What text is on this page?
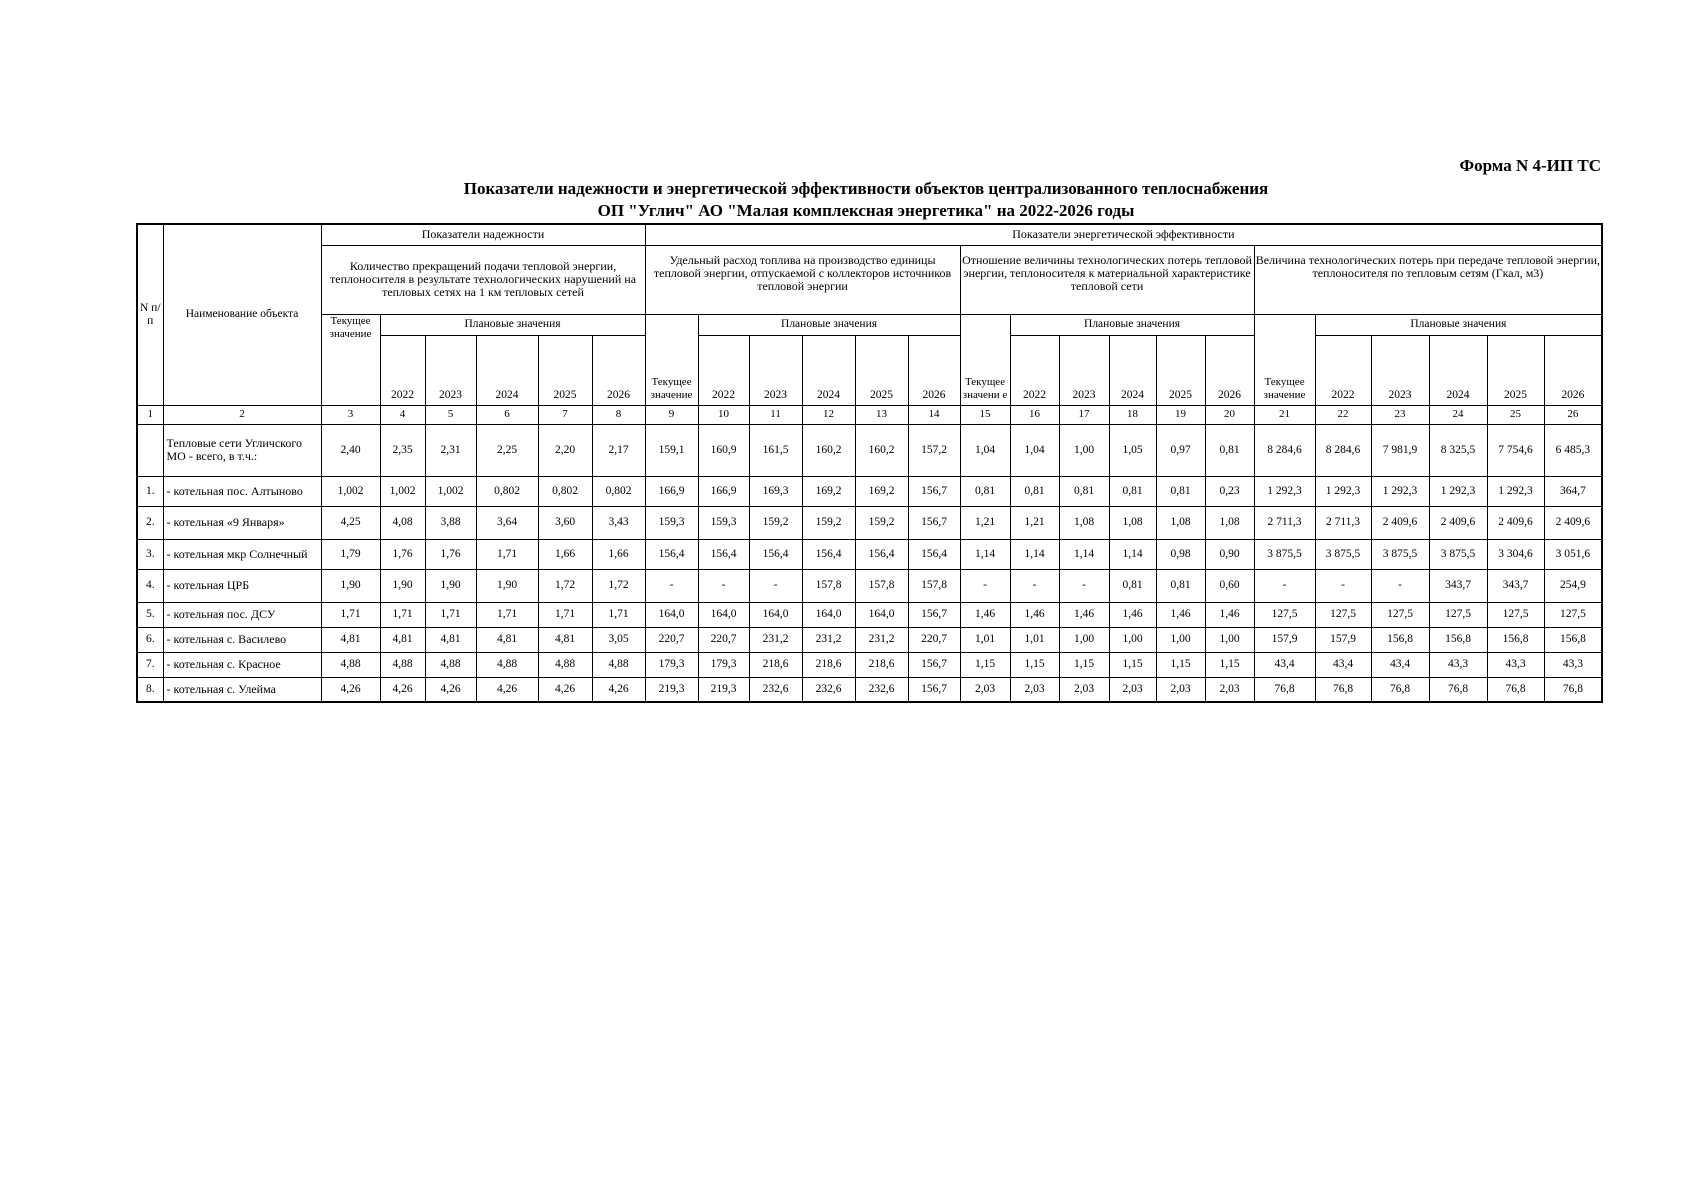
Форма N 4-ИП ТС
Показатели надежности и энергетической эффективности объектов централизованного теплоснабжения
ОП "Углич" АО "Малая комплексная энергетика" на 2022-2026 годы
N п/п	Наименование объекта	Показатели надежности						Показатели энергетической эффективности																	
		Количество прекращений подачи тепловой энергии, теплоносителя в результате технологических нарушений на тепловых сетях на 1 км тепловых сетей						Удельный расход топлива на производство единицы тепловой энергии, отпускаемой с коллекторов источников тепловой энергии						Отношение величины технологических потерь тепловой энергии, теплоносителя к материальной характеристике тепловой сети						Величина технологических потерь при передаче тепловой энергии, теплоносителя по тепловым сетям (Гкал, м3)					
		Текущее значение	Плановые значения					Текущее значение	Плановые значения					Текущее значени е	Плановые значения					Текущее значение	Плановые значения				
			2022	2023	2024	2025	2026		2022	2023	2024	2025	2026		2022	2023	2024	2025	2026		2022	2023	2024	2025	2026
1	2	3	4	5	6	7	8	9	10	11	12	13	14	15	16	17	18	19	20	21	22	23	24	25	26
	Тепловые сети Угличского МО - всего, в т.ч.:	2,40	2,35	2,31	2,25	2,20	2,17	159,1	160,9	161,5	160,2	160,2	157,2	1,04	1,04	1,00	1,05	0,97	0,81	8 284,6	8 284,6	7 981,9	8 325,5	7 754,6	6 485,3
1.	- котельная пос. Алтыново	1,002	1,002	1,002	0,802	0,802	0,802	166,9	166,9	169,3	169,2	169,2	156,7	0,81	0,81	0,81	0,81	0,81	0,23	1 292,3	1 292,3	1 292,3	1 292,3	1 292,3	364,7
2.	- котельная «9 Января»	4,25	4,08	3,88	3,64	3,60	3,43	159,3	159,3	159,2	159,2	159,2	156,7	1,21	1,21	1,08	1,08	1,08	1,08	2 711,3	2 711,3	2 409,6	2 409,6	2 409,6	2 409,6
3.	- котельная мкр Солнечный	1,79	1,76	1,76	1,71	1,66	1,66	156,4	156,4	156,4	156,4	156,4	156,4	1,14	1,14	1,14	1,14	0,98	0,90	3 875,5	3 875,5	3 875,5	3 875,5	3 304,6	3 051,6
4.	- котельная ЦРБ	1,90	1,90	1,90	1,90	1,72	1,72	-	-	-	157,8	157,8	157,8	-	-	-	0,81	0,81	0,60	-	-	-	343,7	343,7	254,9
5.	- котельная пос. ДСУ	1,71	1,71	1,71	1,71	1,71	1,71	164,0	164,0	164,0	164,0	164,0	156,7	1,46	1,46	1,46	1,46	1,46	1,46	127,5	127,5	127,5	127,5	127,5	127,5
6.	- котельная с. Василево	4,81	4,81	4,81	4,81	4,81	3,05	220,7	220,7	231,2	231,2	231,2	220,7	1,01	1,01	1,00	1,00	1,00	1,00	157,9	157,9	156,8	156,8	156,8	156,8
7.	- котельная с. Красное	4,88	4,88	4,88	4,88	4,88	4,88	179,3	179,3	218,6	218,6	218,6	156,7	1,15	1,15	1,15	1,15	1,15	1,15	43,4	43,4	43,4	43,3	43,3	43,3
8.	- котельная с. Улейма	4,26	4,26	4,26	4,26	4,26	4,26	219,3	219,3	232,6	232,6	232,6	156,7	2,03	2,03	2,03	2,03	2,03	2,03	76,8	76,8	76,8	76,8	76,8	76,8
